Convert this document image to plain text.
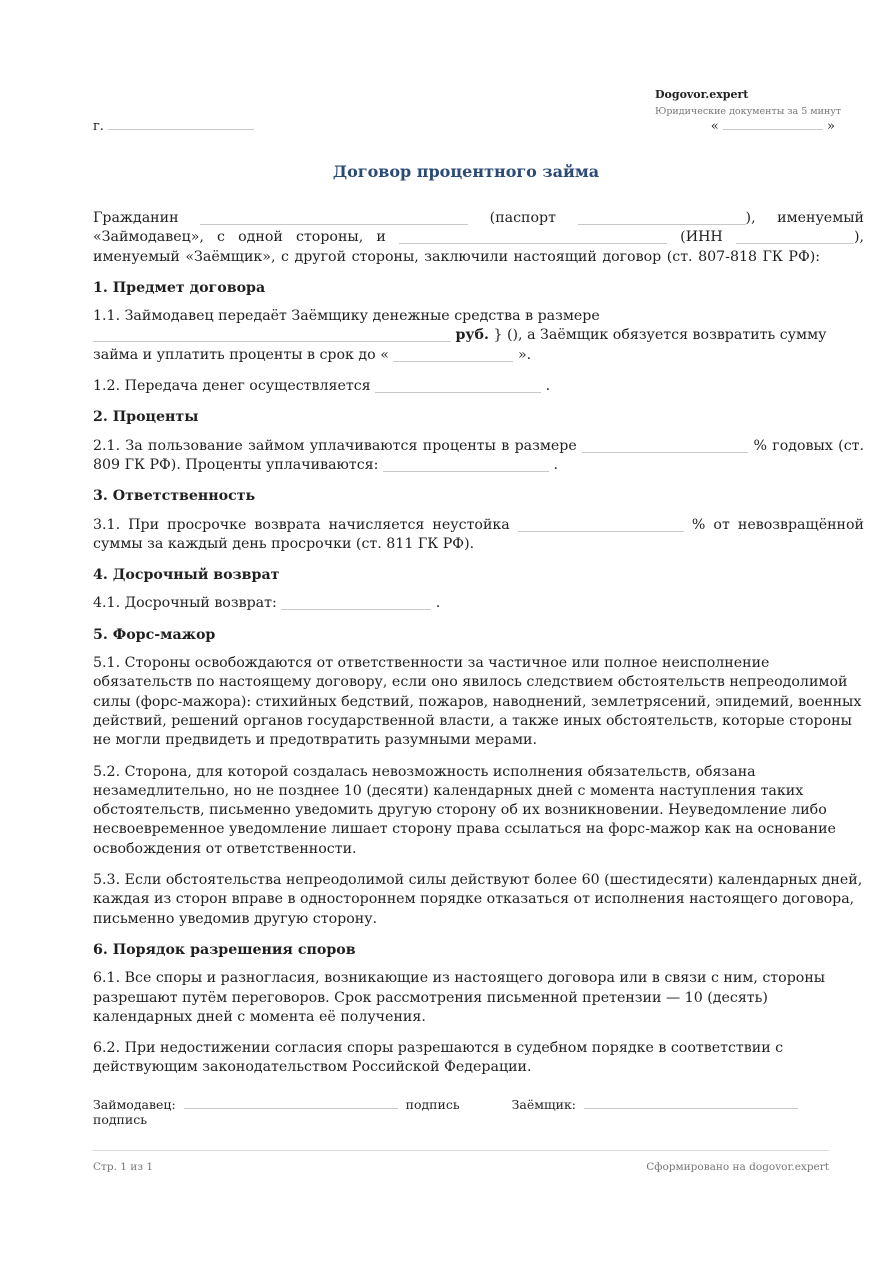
Dogovor.expert
Юридические документы за 5 минут
г.	«	»
Договор процентного займа

Гражданин	(паспорт	), именуемый «Займодавец», с одной стороны, и	(ИНН	), именуемый «Заёмщик», с другой стороны, заключили настоящий договор (ст. 807-818 ГК РФ):

1. Предмет договора

1.1. Займодавец передаёт Заёмщику денежные средства в размере
руб. } (), а Заёмщик обязуется возвратить сумму займа и уплатить проценты в срок до «	».

1.2. Передача денег осуществляется	.

2. Проценты

2.1. За пользование займом уплачиваются проценты в размере	% годовых (ст. 809 ГК РФ). Проценты уплачиваются:	.

3. Ответственность

3.1. При просрочке возврата начисляется неустойка	% от невозвращённой суммы за каждый день просрочки (ст. 811 ГК РФ).

4. Досрочный возврат

4.1. Досрочный возврат:	.

5. Форс-мажор

5.1. Стороны освобождаются от ответственности за частичное или полное неисполнение обязательств по настоящему договору, если оно явилось следствием обстоятельств непреодолимой силы (форс-мажора): стихийных бедствий, пожаров, наводнений, землетрясений, эпидемий, военных действий, решений органов государственной власти, а также иных обстоятельств, которые стороны не могли предвидеть и предотвратить разумными мерами.

5.2. Сторона, для которой создалась невозможность исполнения обязательств, обязана незамедлительно, но не позднее 10 (десяти) календарных дней с момента наступления таких обстоятельств, письменно уведомить другую сторону об их возникновении. Неуведомление либо несвоевременное уведомление лишает сторону права ссылаться на форс-мажор как на основание освобождения от ответственности.

5.3. Если обстоятельства непреодолимой силы действуют более 60 (шестидесяти) календарных дней, каждая из сторон вправе в одностороннем порядке отказаться от исполнения настоящего договора, письменно уведомив другую сторону.

6. Порядок разрешения споров

6.1. Все споры и разногласия, возникающие из настоящего договора или в связи с ним, стороны разрешают путём переговоров. Срок рассмотрения письменной претензии — 10 (десять) календарных дней с момента её получения.

6.2. При недостижении согласия споры разрешаются в судебном порядке в соответствии с действующим законодательством Российской Федерации.

Займодавец:	подпись	Заёмщик:  подпись
Стр. 1 из 1	Сформировано на dogovor.expert
